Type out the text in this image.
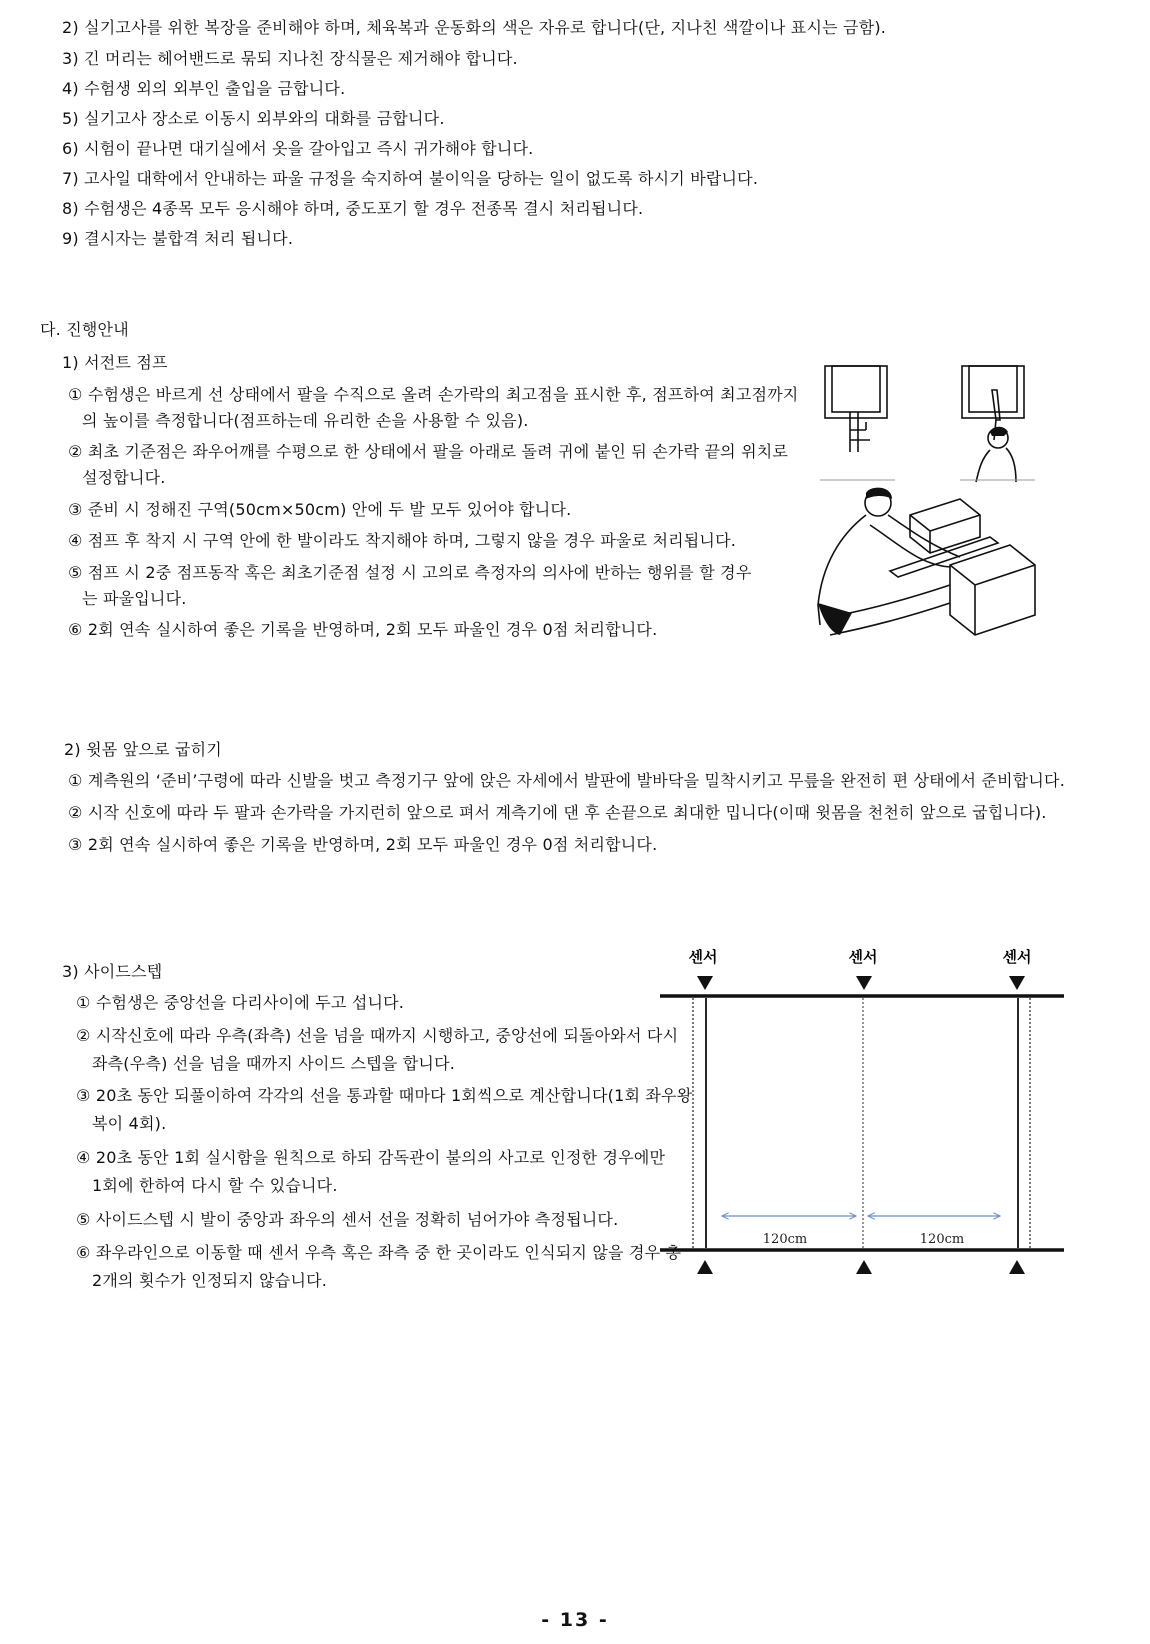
2) 실기고사를 위한 복장을 준비해야 하며, 체육복과 운동화의 색은 자유로 합니다(단, 지나친 색깔이나 표시는 금함).
3) 긴 머리는 헤어밴드로 묶되 지나친 장식물은 제거해야 합니다.
4) 수험생 외의 외부인 출입을 금합니다.
5) 실기고사 장소로 이동시 외부와의 대화를 금합니다.
6) 시험이 끝나면 대기실에서 옷을 갈아입고 즉시 귀가해야 합니다.
7) 고사일 대학에서 안내하는 파울 규정을 숙지하여 불이익을 당하는 일이 없도록 하시기 바랍니다.
8) 수험생은 4종목 모두 응시해야 하며, 중도포기 할 경우 전종목 결시 처리됩니다.
9) 결시자는 불합격 처리 됩니다.
다. 진행안내
1) 서전트 점프
① 수험생은 바르게 선 상태에서 팔을 수직으로 올려 손가락의 최고점을 표시한 후, 점프하여 최고점까지
의 높이를 측정합니다(점프하는데 유리한 손을 사용할 수 있음).
② 최초 기준점은 좌우어깨를 수평으로 한 상태에서 팔을 아래로 돌려 귀에 붙인 뒤 손가락 끝의 위치로
설정합니다.
③ 준비 시 정해진 구역(50cm×50cm) 안에 두 발 모두 있어야 합니다.
④ 점프 후 착지 시 구역 안에 한 발이라도 착지해야 하며, 그렇지 않을 경우 파울로 처리됩니다.
⑤ 점프 시 2중 점프동작 혹은 최초기준점 설정 시 고의로 측정자의 의사에 반하는 행위를 할 경우
는 파울입니다.
⑥ 2회 연속 실시하여 좋은 기록을 반영하며, 2회 모두 파울인 경우 0점 처리합니다.
2) 윗몸 앞으로 굽히기
① 계측원의 ‘준비’구령에 따라 신발을 벗고 측정기구 앞에 앉은 자세에서 발판에 발바닥을 밀착시키고 무릎을 완전히 편 상태에서 준비합니다.
② 시작 신호에 따라 두 팔과 손가락을 가지런히 앞으로 펴서 계측기에 댄 후 손끝으로 최대한 밉니다(이때 윗몸을 천천히 앞으로 굽힙니다).
③ 2회 연속 실시하여 좋은 기록을 반영하며, 2회 모두 파울인 경우 0점 처리합니다.
3) 사이드스텝
① 수험생은 중앙선을 다리사이에 두고 섭니다.
② 시작신호에 따라 우측(좌측) 선을 넘을 때까지 시행하고, 중앙선에 되돌아와서 다시
좌측(우측) 선을 넘을 때까지 사이드 스텝을 합니다.
③ 20초 동안 되풀이하여 각각의 선을 통과할 때마다 1회씩으로 계산합니다(1회 좌우왕
복이 4회).
④ 20초 동안 1회 실시함을 원칙으로 하되 감독관이 불의의 사고로 인정한 경우에만
1회에 한하여 다시 할 수 있습니다.
⑤ 사이드스텝 시 발이 중앙과 좌우의 센서 선을 정확히 넘어가야 측정됩니다.
⑥ 좌우라인으로 이동할 때 센서 우측 혹은 좌측 중 한 곳이라도 인식되지 않을 경우 총
2개의 횟수가 인정되지 않습니다.
센서	센서	센서
120cm	120cm
- 13 -
